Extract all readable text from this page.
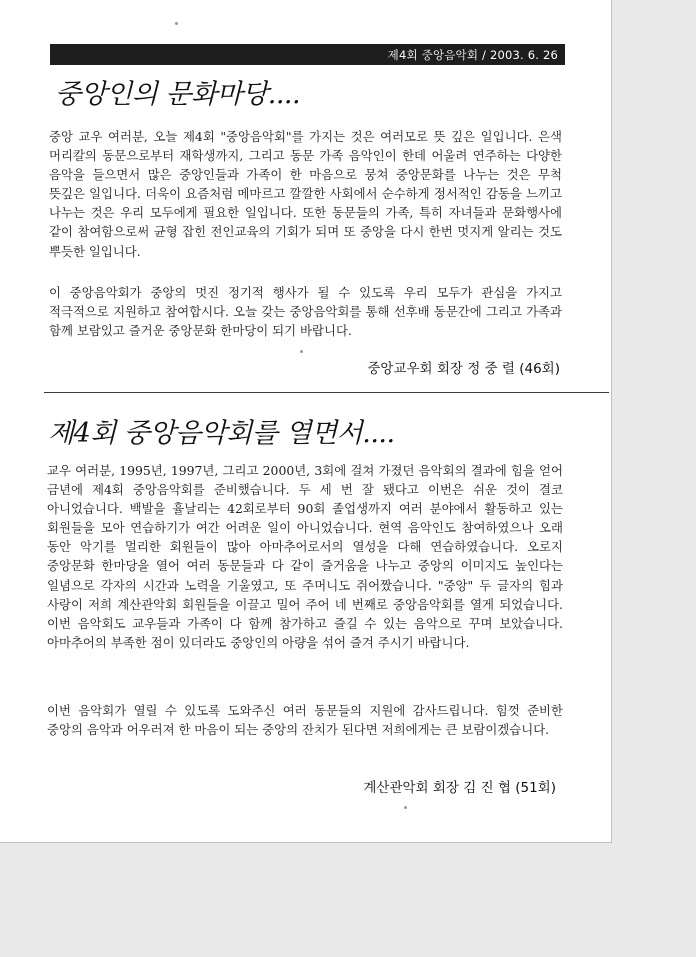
제4회 중앙음악회 / 2003. 6. 26
중앙인의 문화마당....

중앙 교우 여러분, 오늘 제4회 "중앙음악회"를 가지는 것은 여러모로 뜻 깊은 일입니다. 은색 머리칼의 동문으로부터 재학생까지, 그리고 동문 가족 음악인이 한데 어울려 연주하는 다양한 음악을 들으면서 많은 중앙인들과 가족이 한 마음으로 뭉쳐 중앙문화를 나누는 것은 무척 뜻깊은 일입니다. 더욱이 요즘처럼 메마르고 깔깔한 사회에서 순수하게 정서적인 감동을 느끼고 나누는 것은 우리 모두에게 필요한 일입니다. 또한 동문들의 가족, 특히 자녀들과 문화행사에 같이 참여함으로써 균형 잡힌 전인교육의 기회가 되며 또 중앙을 다시 한번 멋지게 알리는 것도 뿌듯한 일입니다.

이 중앙음악회가 중앙의 멋진 정기적 행사가 될 수 있도록 우리 모두가 관심을 가지고 적극적으로 지원하고 참여합시다. 오늘 갖는 중앙음악회를 통해 선후배 동문간에 그리고 가족과 함께 보람있고 즐거운 중앙문화 한마당이 되기 바랍니다.

중앙교우회 회장 정 중 렬 (46회)
제4회 중앙음악회를 열면서....

교우 여러분, 1995년, 1997년, 그리고 2000년, 3회에 걸쳐 가졌던 음악회의 결과에 힘을 얻어 금년에 제4회 중앙음악회를 준비했습니다. 두 세 번 잘 됐다고 이번은 쉬운 것이 결코 아니었습니다. 백발을 휼날리는 42회로부터 90회 졸업생까지 여러 분야에서 활동하고 있는 회원들을 모아 연습하기가 여간 어려운 일이 아니었습니다. 현역 음악인도 참여하였으나 오래 동안 악기를 멀리한 회원들이 많아 아마추어로서의 열성을 다해 연습하였습니다. 오로지 중앙문화 한마당을 열어 여러 동문들과 다 같이 즐거움을 나누고 중앙의 이미지도 높인다는 일념으로 각자의 시간과 노력을 기울였고, 또 주머니도 쥐어짰습니다. "중앙" 두 글자의 힘과 사랑이 저희 계산관악회 회원들을 이끌고 밀어 주어 네 번째로 중앙음악회를 열게 되었습니다. 이번 음악회도 교우들과 가족이 다 함께 참가하고 즐길 수 있는 음악으로 꾸며 보았습니다. 아마추어의 부족한 점이 있더라도 중앙인의 아량을 섞어 즐겨 주시기 바랍니다.

이번 음악회가 열릴 수 있도록 도와주신 여러 동문들의 지원에 감사드립니다. 힘껏 준비한 중앙의 음악과 어우러져 한 마음이 되는 중앙의 잔치가 된다면 저희에게는 큰 보람이겠습니다.

계산관악회 회장 김 진 협 (51회)
